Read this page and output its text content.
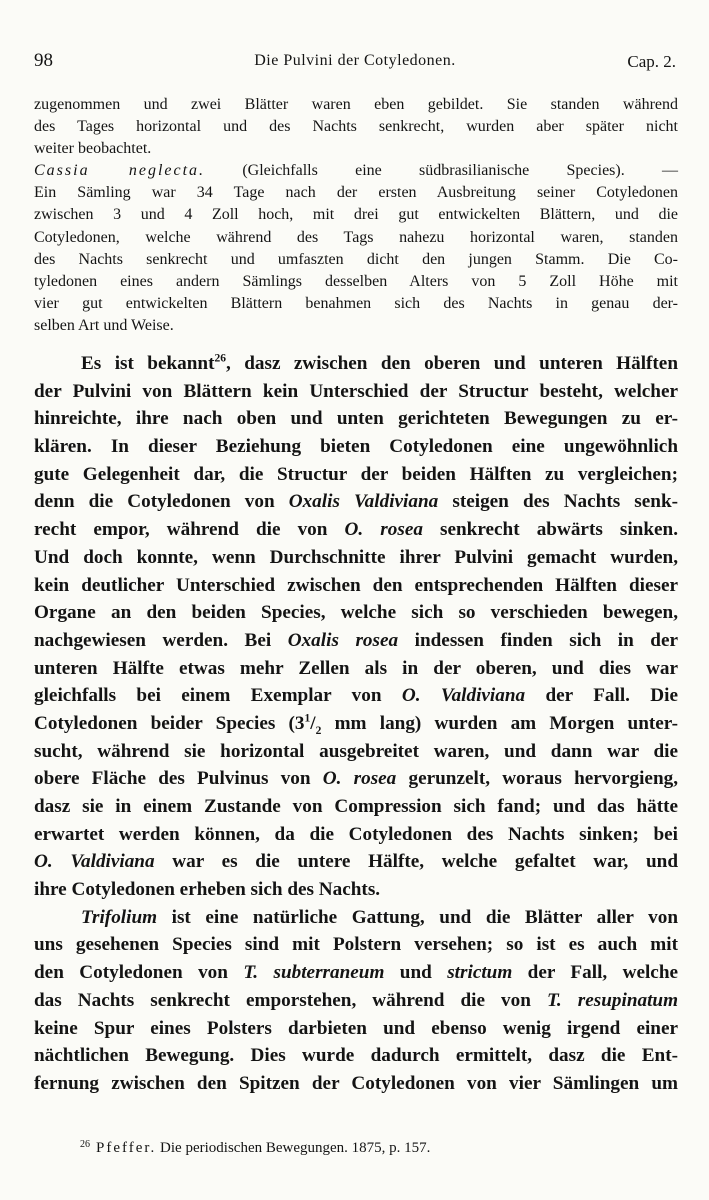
98	Die Pulvini der Cotyledonen.	Cap. 2.
zugenommen und zwei Blätter waren eben gebildet. Sie standen während
des Tages horizontal und des Nachts senkrecht, wurden aber später nicht
weiter beobachtet.
Cassia neglecta. (Gleichfalls eine südbrasilianische Species). —
Ein Sämling war 34 Tage nach der ersten Ausbreitung seiner Cotyledonen
zwischen 3 und 4 Zoll hoch, mit drei gut entwickelten Blättern, und die
Cotyledonen, welche während des Tags nahezu horizontal waren, standen
des Nachts senkrecht und umfaszten dicht den jungen Stamm. Die Co-
tyledonen eines andern Sämlings desselben Alters von 5 Zoll Höhe mit
vier gut entwickelten Blättern benahmen sich des Nachts in genau der-
selben Art und Weise.
Es ist bekannt$^{26}$, dasz zwischen den oberen und unteren Hälften
der Pulvini von Blättern kein Unterschied der Structur besteht, welcher
hinreichte, ihre nach oben und unten gerichteten Bewegungen zu er-
klären. In dieser Beziehung bieten Cotyledonen eine ungewöhnlich
gute Gelegenheit dar, die Structur der beiden Hälften zu vergleichen;
denn die Cotyledonen von Oxalis Valdiviana steigen des Nachts senk-
recht empor, während die von O. rosea senkrecht abwärts sinken.
Und doch konnte, wenn Durchschnitte ihrer Pulvini gemacht wurden,
kein deutlicher Unterschied zwischen den entsprechenden Hälften dieser
Organe an den beiden Species, welche sich so verschieden bewegen,
nachgewiesen werden. Bei Oxalis rosea indessen finden sich in der
unteren Hälfte etwas mehr Zellen als in der oberen, und dies war
gleichfalls bei einem Exemplar von O. Valdiviana der Fall. Die
Cotyledonen beider Species ($3^1/_2$ mm lang) wurden am Morgen unter-
sucht, während sie horizontal ausgebreitet waren, und dann war die
obere Fläche des Pulvinus von O. rosea gerunzelt, woraus hervorgieng,
dasz sie in einem Zustande von Compression sich fand; und das hätte
erwartet werden können, da die Cotyledonen des Nachts sinken; bei
O. Valdiviana war es die untere Hälfte, welche gefaltet war, und
ihre Cotyledonen erheben sich des Nachts.
Trifolium ist eine natürliche Gattung, und die Blätter aller von
uns gesehenen Species sind mit Polstern versehen; so ist es auch mit
den Cotyledonen von T. subterraneum und strictum der Fall, welche
das Nachts senkrecht emporstehen, während die von T. resupinatum
keine Spur eines Polsters darbieten und ebenso wenig irgend einer
nächtlichen Bewegung. Dies wurde dadurch ermittelt, dasz die Ent-
fernung zwischen den Spitzen der Cotyledonen von vier Sämlingen um
$^{26}$ Pfeffer. Die periodischen Bewegungen. 1875, p. 157.
